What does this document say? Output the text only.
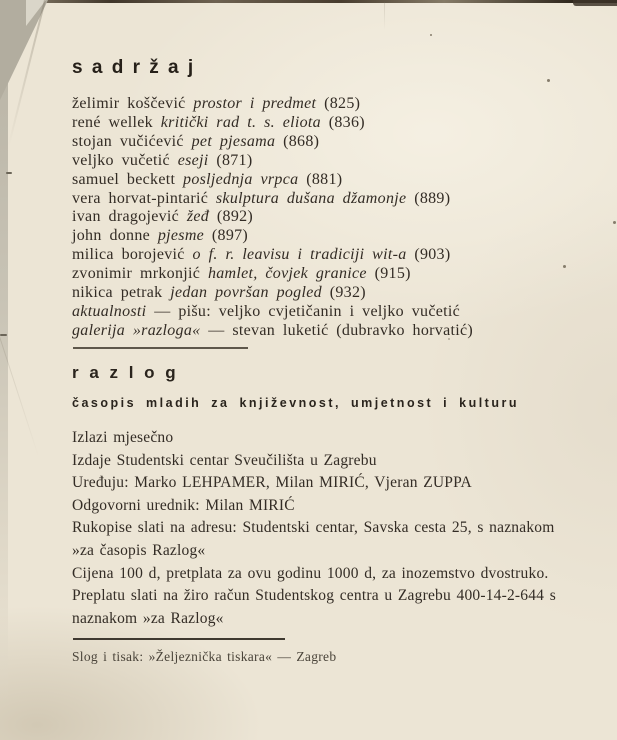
s a d r ž a j
želimir koščević prostor i predmet (825)
rené wellek kritički rad t. s. eliota (836)
stojan vučićević pet pjesama (868)
veljko vučetić eseji (871)
samuel beckett posljednja vrpca (881)
vera horvat-pintarić skulptura dušana džamonje (889)
ivan dragojević žeđ (892)
john donne pjesme (897)
milica borojević o f. r. leavisu i tradiciji wit-a (903)
zvonimir mrkonjić hamlet, čovjek granice (915)
nikica petrak jedan površan pogled (932)
aktualnosti — pišu: veljko cvjetičanin i veljko vučetić
galerija »razloga« — stevan luketić (dubravko horvatić)
r a z l o g
časopis mladih za književnost, umjetnost i kulturu

Izlazi mjesečno

Izdaje Studentski centar Sveučilišta u Zagrebu

Uređuju: Marko LEHPAMER, Milan MIRIĆ, Vjeran ZUPPA

Odgovorni urednik: Milan MIRIĆ

Rukopise slati na adresu: Studentski centar, Savska cesta 25, s naznakom

»za časopis Razlog«

Cijena 100 d, pretplata za ovu godinu 1000 d, za inozemstvo dvostruko.

Preplatu slati na žiro račun Studentskog centra u Zagrebu 400-14-2-644 s

naznakom »za Razlog«

Slog i tisak: »Željeznička tiskara« — Zagreb
